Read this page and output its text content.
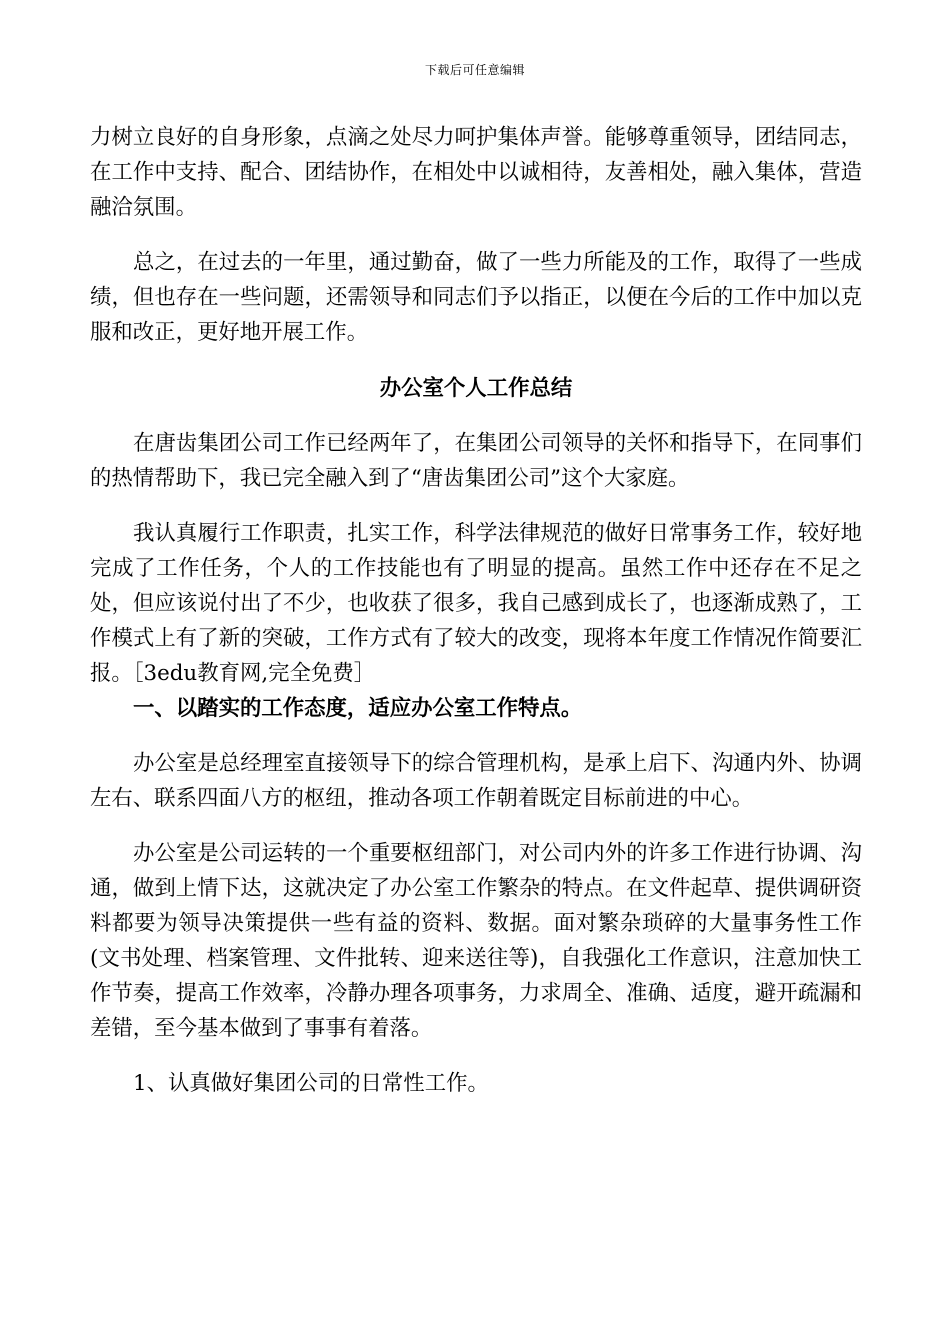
下载后可任意编辑

力树立良好的自身形象，点滴之处尽力呵护集体声誉。能够尊重领导，团结同志，在工作中支持、配合、团结协作，在相处中以诚相待，友善相处，融入集体，营造融洽氛围。

总之，在过去的一年里，通过勤奋，做了一些力所能及的工作，取得了一些成绩，但也存在一些问题，还需领导和同志们予以指正，以便在今后的工作中加以克服和改正，更好地开展工作。

办公室个人工作总结

在唐齿集团公司工作已经两年了，在集团公司领导的关怀和指导下，在同事们的热情帮助下，我已完全融入到了“唐齿集团公司”这个大家庭。

我认真履行工作职责，扎实工作，科学法律规范的做好日常事务工作，较好地完成了工作任务，个人的工作技能也有了明显的提高。虽然工作中还存在不足之处，但应该说付出了不少，也收获了很多，我自己感到成长了，也逐渐成熟了，工作模式上有了新的突破，工作方式有了较大的改变，现将本年度工作情况作简要汇报。［3edu教育网,完全免费］

一、以踏实的工作态度，适应办公室工作特点。

办公室是总经理室直接领导下的综合管理机构，是承上启下、沟通内外、协调左右、联系四面八方的枢纽，推动各项工作朝着既定目标前进的中心。

办公室是公司运转的一个重要枢纽部门，对公司内外的许多工作进行协调、沟通，做到上情下达，这就决定了办公室工作繁杂的特点。在文件起草、提供调研资料都要为领导决策提供一些有益的资料、数据。面对繁杂琐碎的大量事务性工作(文书处理、档案管理、文件批转、迎来送往等)，自我强化工作意识，注意加快工作节奏，提高工作效率，冷静办理各项事务，力求周全、准确、适度，避开疏漏和差错，至今基本做到了事事有着落。

1、认真做好集团公司的日常性工作。
